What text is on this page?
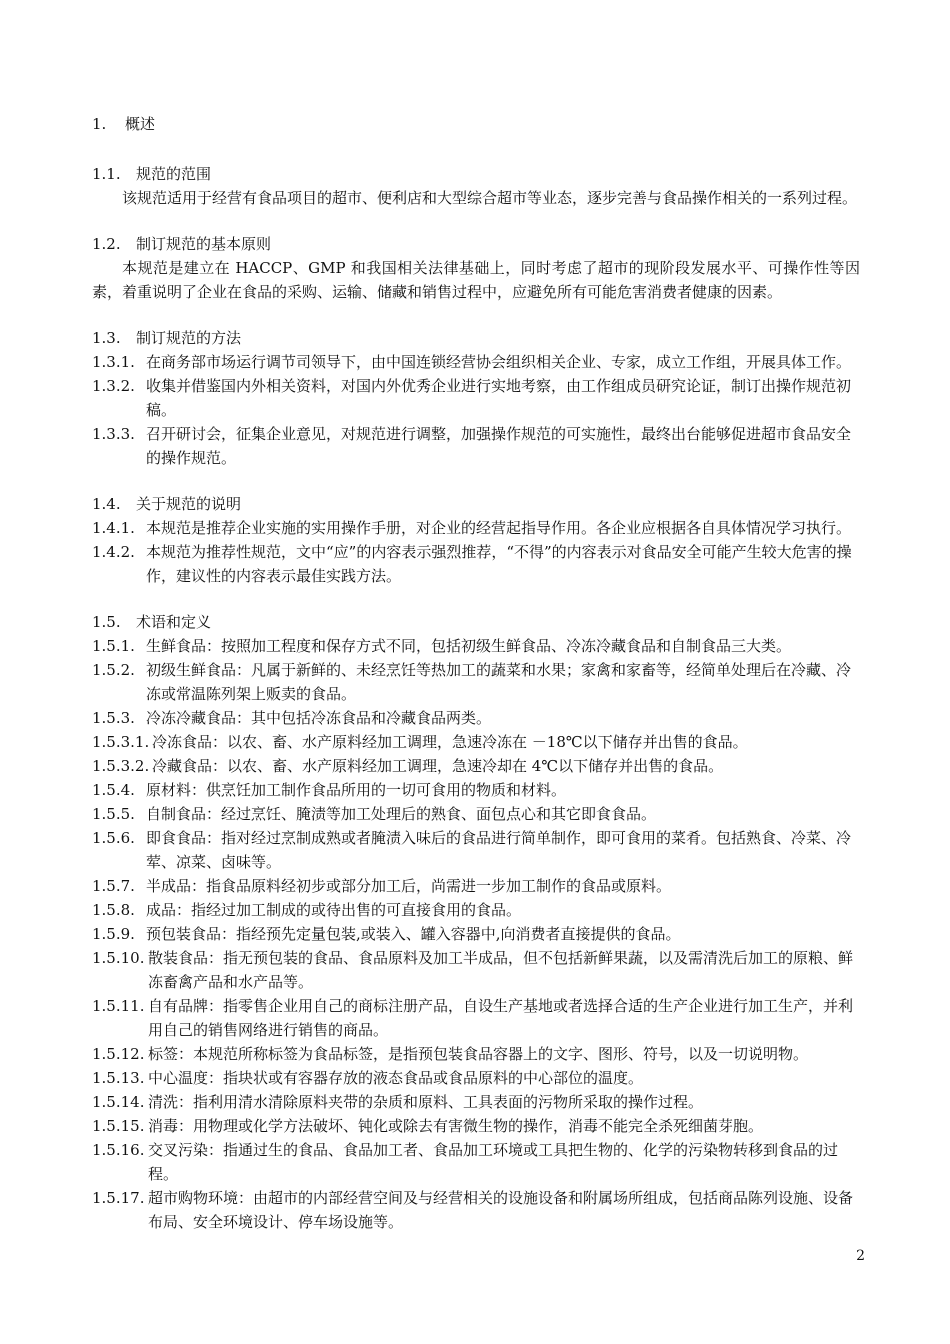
1. 概述

1.1. 规范的范围

该规范适用于经营有食品项目的超市、便利店和大型综合超市等业态，逐步完善与食品操作相关的一系列过程。

1.2. 制订规范的基本原则

本规范是建立在 HACCP、GMP 和我国相关法律基础上，同时考虑了超市的现阶段发展水平、可操作性等因素，着重说明了企业在食品的采购、运输、储藏和销售过程中，应避免所有可能危害消费者健康的因素。

1.3. 制订规范的方法

1.3.1. 在商务部市场运行调节司领导下，由中国连锁经营协会组织相关企业、专家，成立工作组，开展具体工作。
1.3.2. 收集并借鉴国内外相关资料，对国内外优秀企业进行实地考察，由工作组成员研究论证，制订出操作规范初稿。
1.3.3. 召开研讨会，征集企业意见，对规范进行调整，加强操作规范的可实施性，最终出台能够促进超市食品安全的操作规范。

1.4. 关于规范的说明

1.4.1. 本规范是推荐企业实施的实用操作手册，对企业的经营起指导作用。各企业应根据各自具体情况学习执行。
1.4.2. 本规范为推荐性规范，文中“应”的内容表示强烈推荐，“不得”的内容表示对食品安全可能产生较大危害的操作，建议性的内容表示最佳实践方法。

1.5. 术语和定义

1.5.1. 生鲜食品：按照加工程度和保存方式不同，包括初级生鲜食品、冷冻冷藏食品和自制食品三大类。
1.5.2. 初级生鲜食品：凡属于新鲜的、未经烹饪等热加工的蔬菜和水果；家禽和家畜等，经简单处理后在冷藏、冷冻或常温陈列架上贩卖的食品。
1.5.3. 冷冻冷藏食品：其中包括冷冻食品和冷藏食品两类。
1.5.3.1. 冷冻食品：以农、畜、水产原料经加工调理，急速冷冻在 －18℃以下储存并出售的食品。
1.5.3.2. 冷藏食品：以农、畜、水产原料经加工调理，急速冷却在 4℃以下储存并出售的食品。
1.5.4. 原材料：供烹饪加工制作食品所用的一切可食用的物质和材料。
1.5.5. 自制食品：经过烹饪、腌渍等加工处理后的熟食、面包点心和其它即食食品。
1.5.6. 即食食品：指对经过烹制成熟或者腌渍入味后的食品进行简单制作，即可食用的菜肴。包括熟食、冷菜、冷荤、凉菜、卤味等。
1.5.7. 半成品：指食品原料经初步或部分加工后，尚需进一步加工制作的食品或原料。
1.5.8. 成品：指经过加工制成的或待出售的可直接食用的食品。
1.5.9. 预包装食品：指经预先定量包装,或装入、罐入容器中,向消费者直接提供的食品。
1.5.10. 散装食品：指无预包装的食品、食品原料及加工半成品，但不包括新鲜果蔬，以及需清洗后加工的原粮、鲜冻畜禽产品和水产品等。
1.5.11. 自有品牌：指零售企业用自己的商标注册产品，自设生产基地或者选择合适的生产企业进行加工生产，并利用自己的销售网络进行销售的商品。
1.5.12. 标签：本规范所称标签为食品标签，是指预包装食品容器上的文字、图形、符号，以及一切说明物。
1.5.13. 中心温度：指块状或有容器存放的液态食品或食品原料的中心部位的温度。
1.5.14. 清洗：指利用清水清除原料夹带的杂质和原料、工具表面的污物所采取的操作过程。
1.5.15. 消毒：用物理或化学方法破坏、钝化或除去有害微生物的操作，消毒不能完全杀死细菌芽胞。
1.5.16. 交叉污染：指通过生的食品、食品加工者、食品加工环境或工具把生物的、化学的污染物转移到食品的过程。
1.5.17. 超市购物环境：由超市的内部经营空间及与经营相关的设施设备和附属场所组成，包括商品陈列设施、设备布局、安全环境设计、停车场设施等。
2
